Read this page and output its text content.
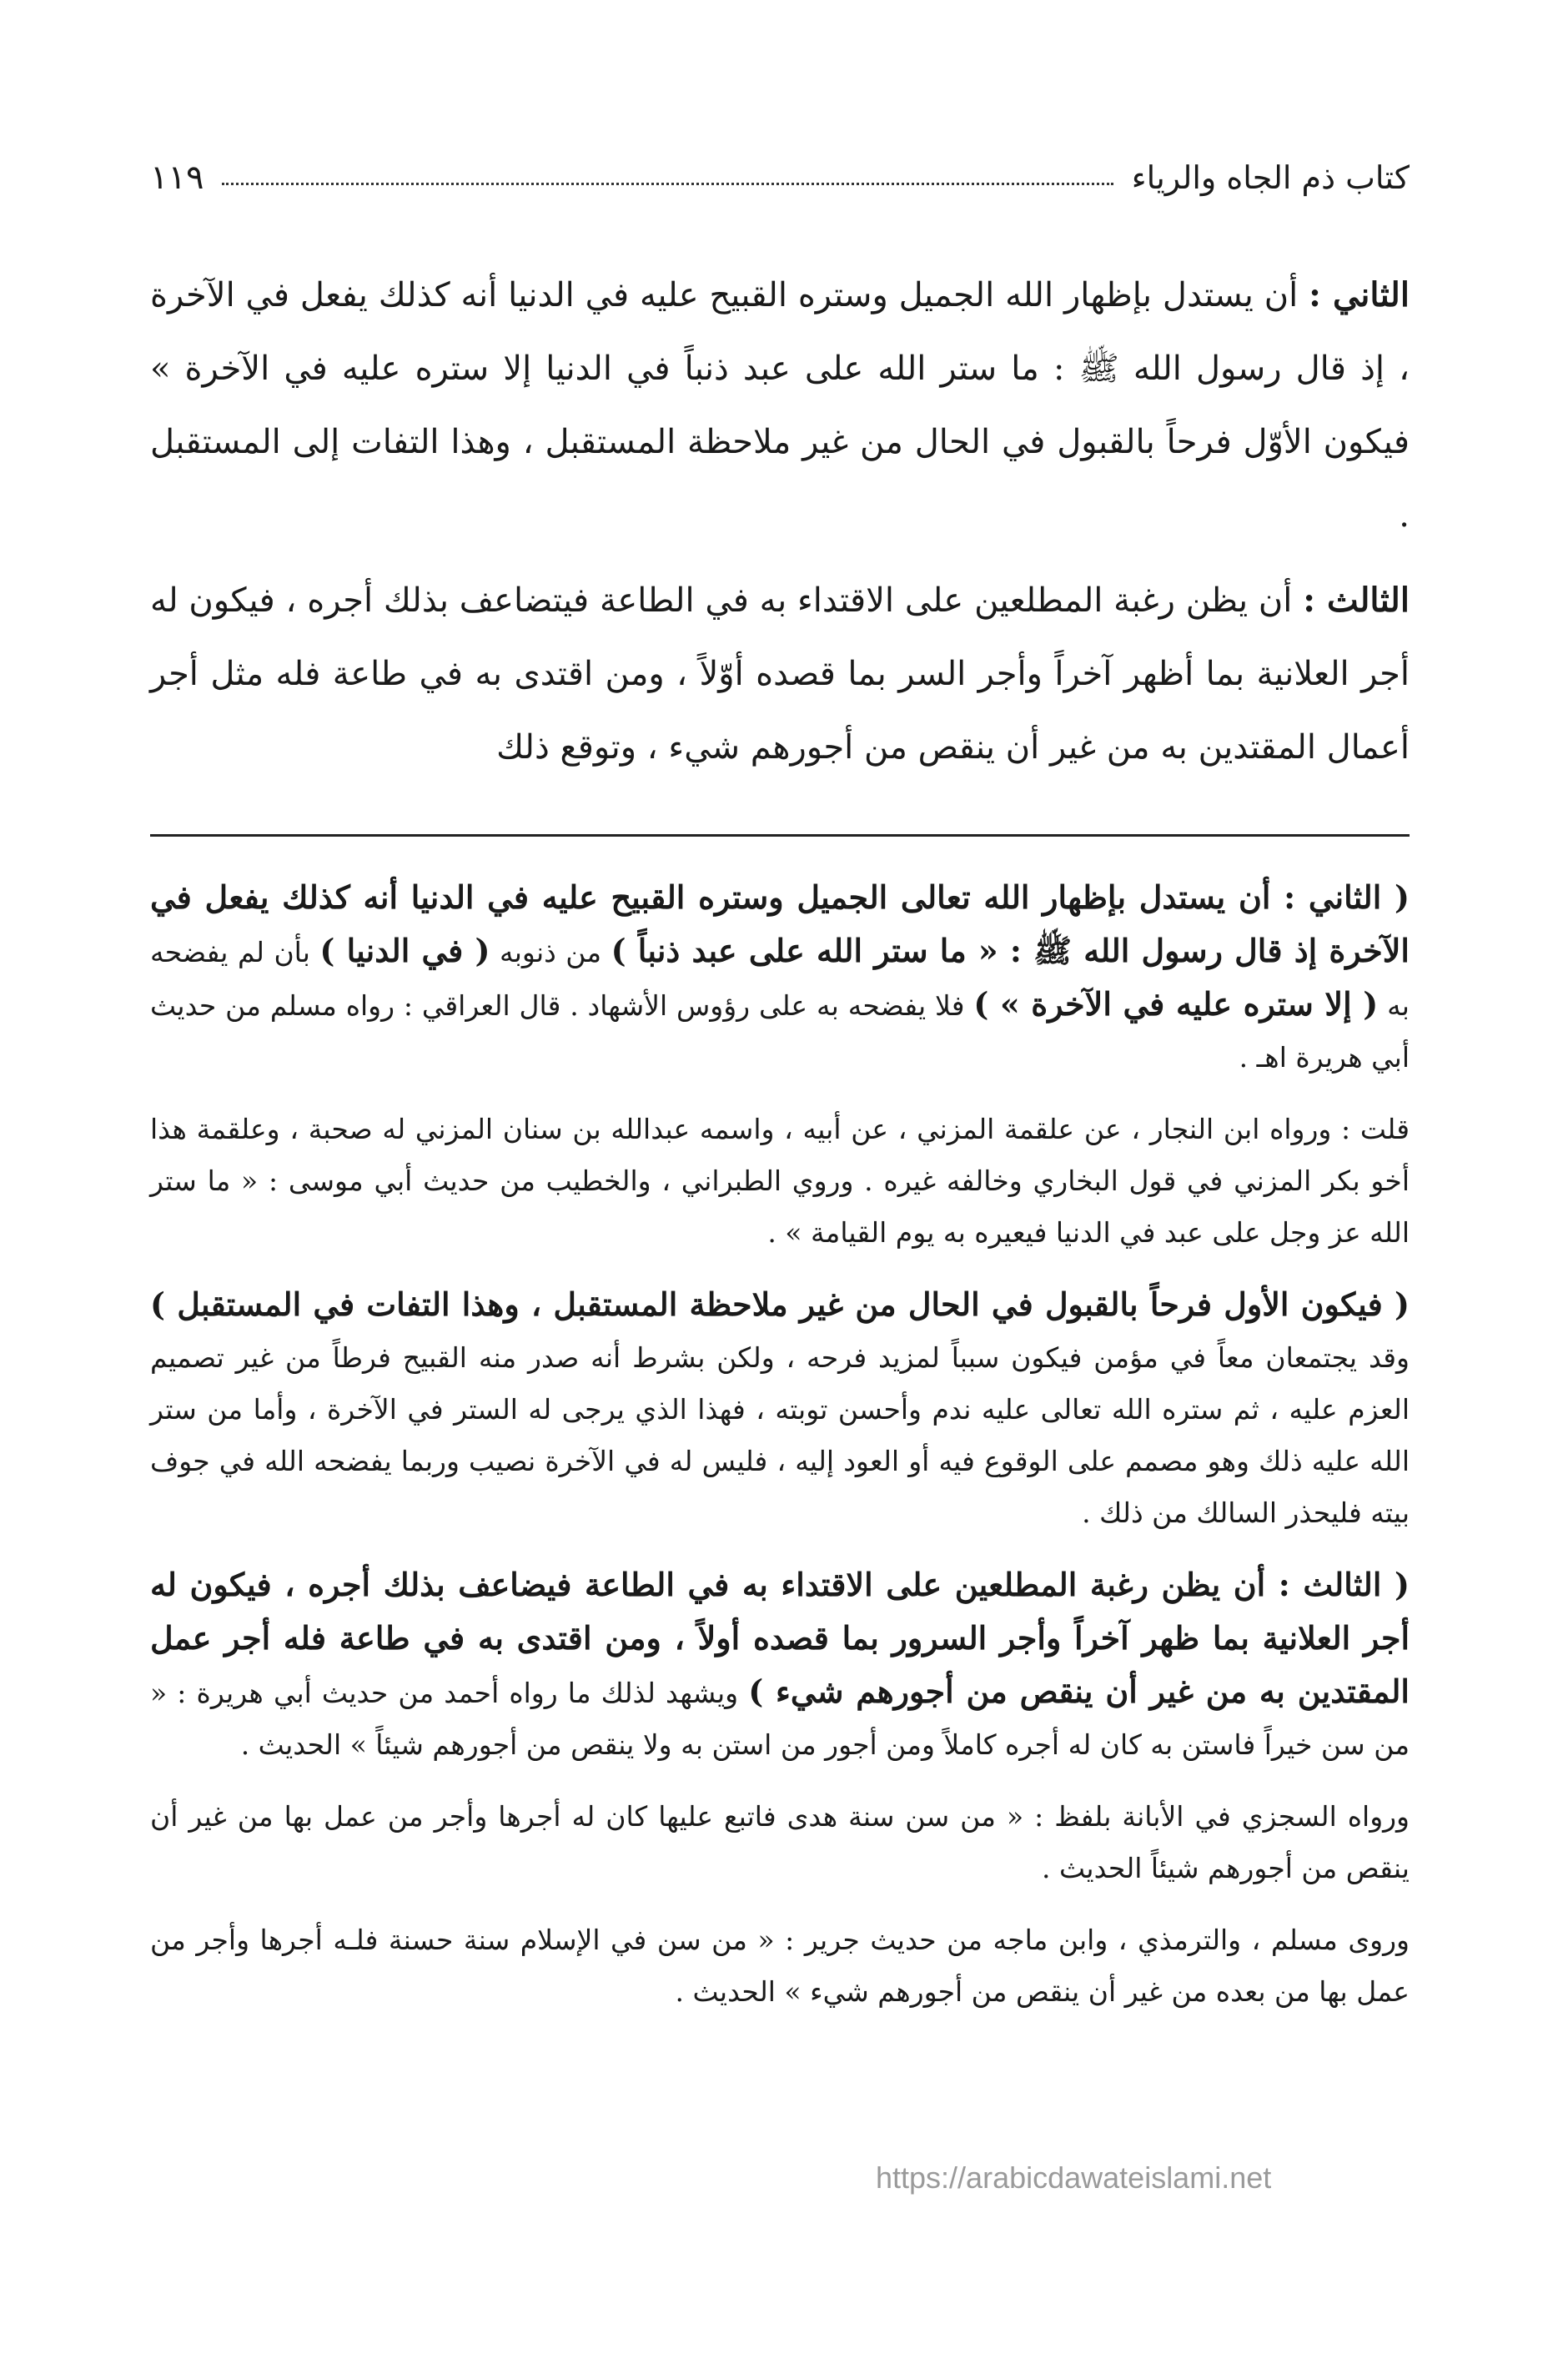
كتاب ذم الجاه والرياء
١١٩

الثاني : أن يستدل بإظهار الله الجميل وستره القبيح عليه في الدنيا أنه كذلك يفعل في الآخرة ، إذ قال رسول الله ﷺ : ما ستر الله على عبد ذنباً في الدنيا إلا ستره عليه في الآخرة » فيكون الأوّل فرحاً بالقبول في الحال من غير ملاحظة المستقبل ، وهذا التفات إلى المستقبل .

الثالث : أن يظن رغبة المطلعين على الاقتداء به في الطاعة فيتضاعف بذلك أجره ، فيكون له أجر العلانية بما أظهر آخراً وأجر السر بما قصده أوّلاً ، ومن اقتدى به في طاعة فله مثل أجر أعمال المقتدين به من غير أن ينقص من أجورهم شيء ، وتوقع ذلك

( الثاني : أن يستدل بإظهار الله تعالى الجميل وستره القبيح عليه في الدنيا أنه كذلك يفعل في الآخرة إذ قال رسول الله ﷺ : « ما ستر الله على عبد ذنباً ) من ذنوبه ( في الدنيا ) بأن لم يفضحه به ( إلا ستره عليه في الآخرة » ) فلا يفضحه به على رؤوس الأشهاد . قال العراقي : رواه مسلم من حديث أبي هريرة اهـ .

قلت : ورواه ابن النجار ، عن علقمة المزني ، عن أبيه ، واسمه عبدالله بن سنان المزني له صحبة ، وعلقمة هذا أخو بكر المزني في قول البخاري وخالفه غيره . وروي الطبراني ، والخطيب من حديث أبي موسى : « ما ستر الله عز وجل على عبد في الدنيا فيعيره به يوم القيامة » .

( فيكون الأول فرحاً بالقبول في الحال من غير ملاحظة المستقبل ، وهذا التفات في المستقبل ) وقد يجتمعان معاً في مؤمن فيكون سبباً لمزيد فرحه ، ولكن بشرط أنه صدر منه القبيح فرطاً من غير تصميم العزم عليه ، ثم ستره الله تعالى عليه ندم وأحسن توبته ، فهذا الذي يرجى له الستر في الآخرة ، وأما من ستر الله عليه ذلك وهو مصمم على الوقوع فيه أو العود إليه ، فليس له في الآخرة نصيب وربما يفضحه الله في جوف بيته فليحذر السالك من ذلك .

( الثالث : أن يظن رغبة المطلعين على الاقتداء به في الطاعة فيضاعف بذلك أجره ، فيكون له أجر العلانية بما ظهر آخراً وأجر السرور بما قصده أولاً ، ومن اقتدى به في طاعة فله أجر عمل المقتدين به من غير أن ينقص من أجورهم شيء ) ويشهد لذلك ما رواه أحمد من حديث أبي هريرة : « من سن خيراً فاستن به كان له أجره كاملاً ومن أجور من استن به ولا ينقص من أجورهم شيئاً » الحديث .

ورواه السجزي في الأبانة بلفظ : « من سن سنة هدى فاتبع عليها كان له أجرها وأجر من عمل بها من غير أن ينقص من أجورهم شيئاً الحديث .

وروى مسلم ، والترمذي ، وابن ماجه من حديث جرير : « من سن في الإسلام سنة حسنة فلـه أجرها وأجر من عمل بها من بعده من غير أن ينقص من أجورهم شيء » الحديث .

https://arabicdawateislami.net
